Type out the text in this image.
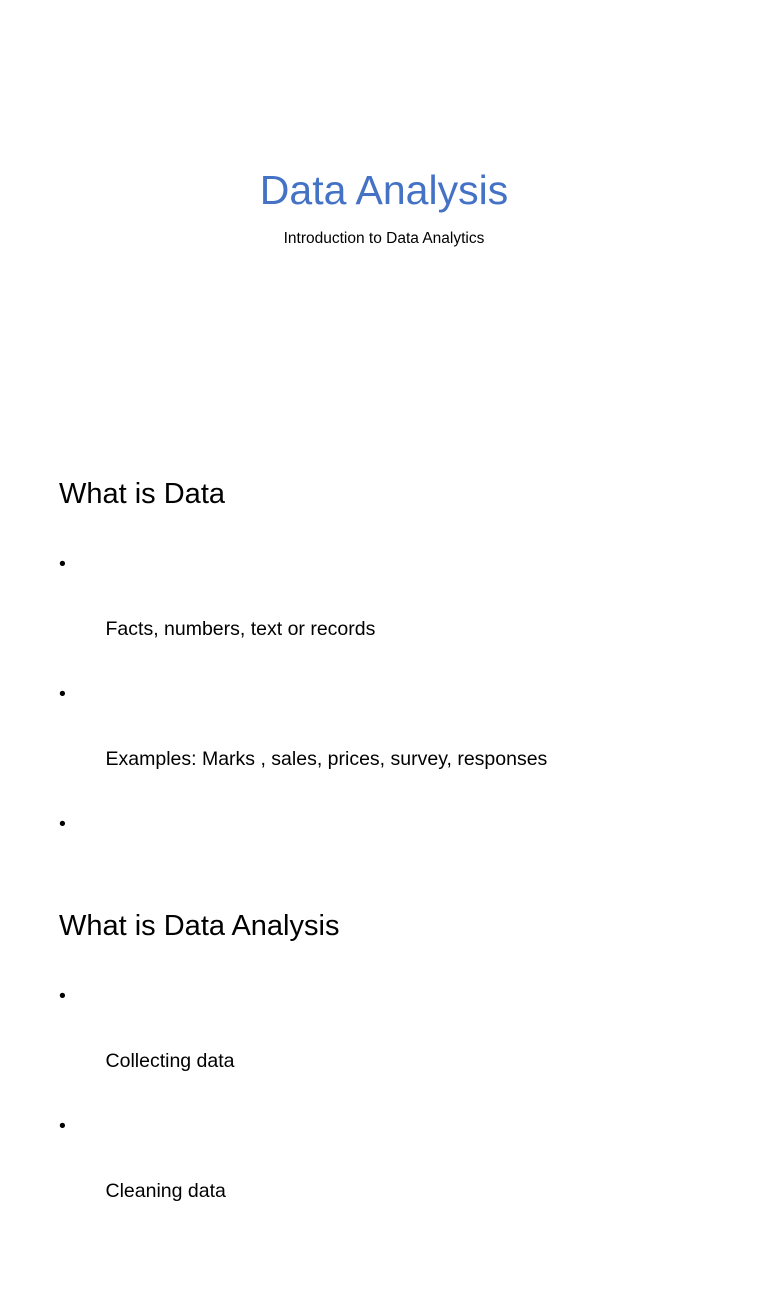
Data Analysis

Introduction to Data Analytics

What is Data

•

Facts, numbers, text or records

•

Examples: Marks , sales, prices, survey, responses

•

What is Data Analysis

•

Collecting data

•

Cleaning data
